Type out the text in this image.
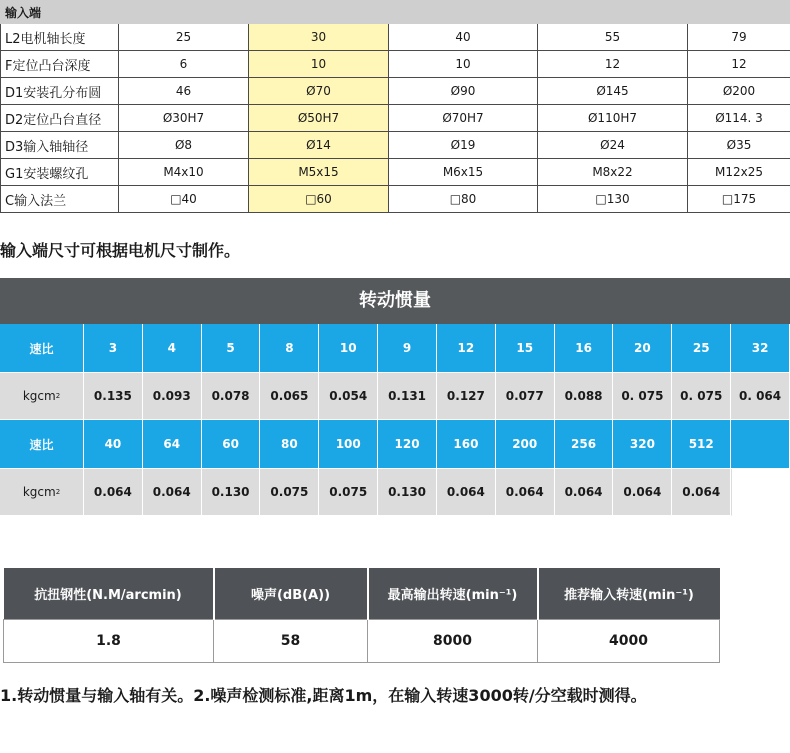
输入端					
L2电机轴长度	25	30	40	55	79
F定位凸台深度	6	10	10	12	12
D1安装孔分布圆	46	Ø70	Ø90	Ø145	Ø200
D2定位凸台直径	Ø30H7	Ø50H7	Ø70H7	Ø110H7	Ø114. 3
D3输入轴轴径	Ø8	Ø14	Ø19	Ø24	Ø35
G1安装螺纹孔	M4x10	M5x15	M6x15	M8x22	M12x25
C输入法兰	□40	□60	□80	□130	□175
输入端尺寸可根据电机尺寸制作。
转动惯量
速比	3	4	5	8	10	9	12	15	16	20	25	32
kgcm 2	0.135	0.093	0.078	0.065	0.054	0.131	0.127	0.077	0.088	0. 075	0. 075	0. 064
速比	40	64	60	80	100	120	160	200	256	320	512
kgcm 2	0.064	0.064	0.130	0.075	0.075	0.130	0.064	0.064	0.064	0.064	0.064
抗扭钢性(N.M/arcmin)	噪声(dB(A))	最高输出转速(min⁻¹)	推荐输入转速(min⁻¹)
1.8	58	8000	4000
1.转动惯量与输入轴有关。2.噪声检测标准,距离1m，在输入转速3000转/分空载时测得。
